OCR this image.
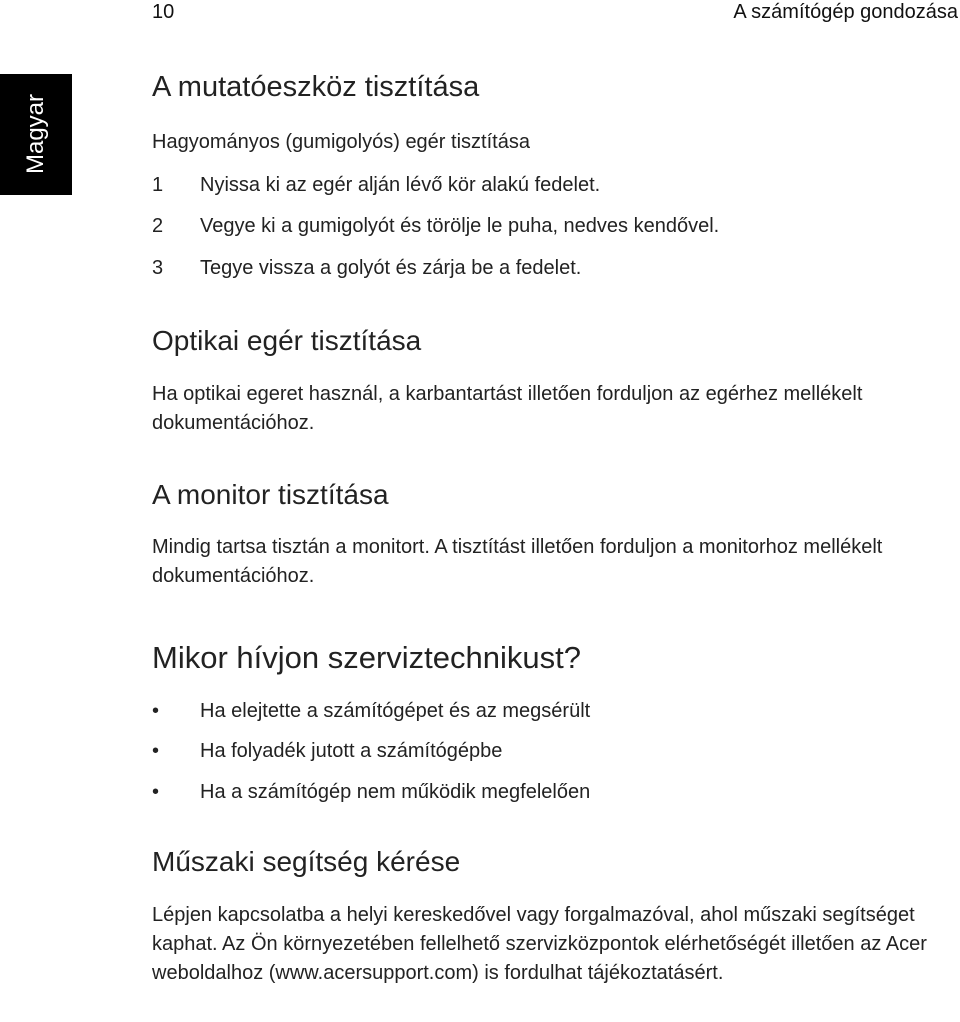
10	A számítógép gondozása
Magyar
A mutatóeszköz tisztítása
Hagyományos (gumigolyós) egér tisztítása
1 Nyissa ki az egér alján lévő kör alakú fedelet.
2 Vegye ki a gumigolyót és törölje le puha, nedves kendővel.
3 Tegye vissza a golyót és zárja be a fedelet.
Optikai egér tisztítása

Ha optikai egeret használ, a karbantartást illetően forduljon az egérhez mellékelt dokumentációhoz.

A monitor tisztítása

Mindig tartsa tisztán a monitort. A tisztítást illetően forduljon a monitorhoz mellékelt dokumentációhoz.

Mikor hívjon szerviztechnikust?
• Ha elejtette a számítógépet és az megsérült
• Ha folyadék jutott a számítógépbe
• Ha a számítógép nem működik megfelelően
Műszaki segítség kérése

Lépjen kapcsolatba a helyi kereskedővel vagy forgalmazóval, ahol műszaki segítséget kaphat. Az Ön környezetében fellelhető szervizközpontok elérhetőségét illetően az Acer weboldalhoz (www.acersupport.com) is fordulhat tájékoztatásért.
